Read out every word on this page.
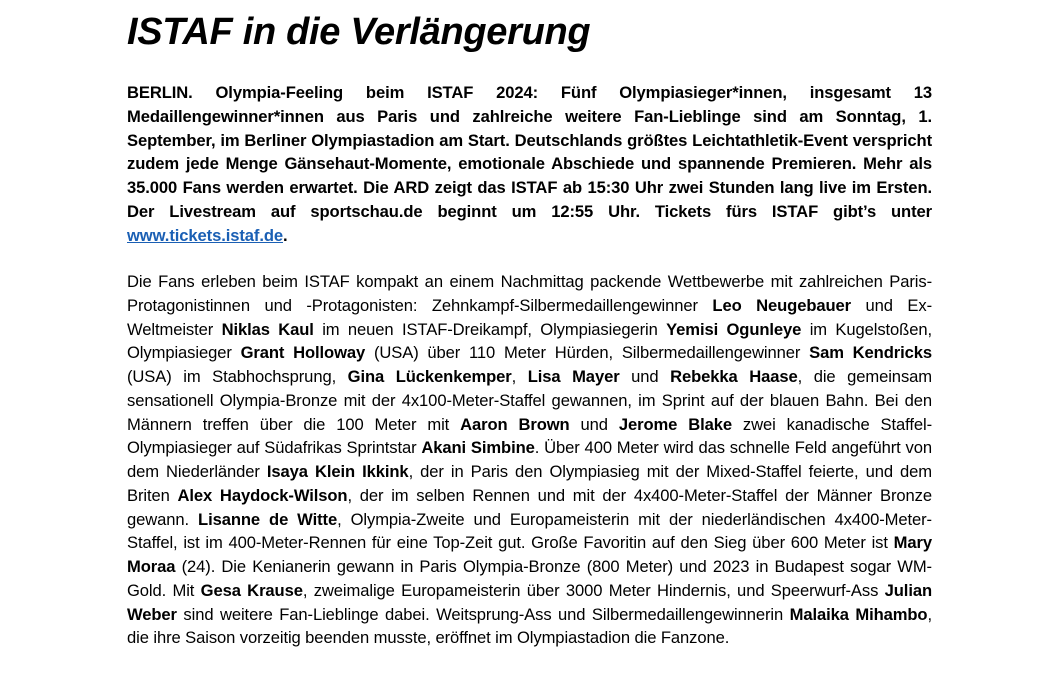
ISTAF in die Verlängerung

BERLIN. Olympia-Feeling beim ISTAF 2024: Fünf Olympiasieger*innen, insgesamt 13 Medaillengewinner*innen aus Paris und zahlreiche weitere Fan-Lieblinge sind am Sonntag, 1. September, im Berliner Olympiastadion am Start. Deutschlands größtes Leichtathletik-Event verspricht zudem jede Menge Gänsehaut-Momente, emotionale Abschiede und spannende Premieren. Mehr als 35.000 Fans werden erwartet. Die ARD zeigt das ISTAF ab 15:30 Uhr zwei Stunden lang live im Ersten. Der Livestream auf sportschau.de beginnt um 12:55 Uhr. Tickets fürs ISTAF gibt’s unter www.tickets.istaf.de.

Die Fans erleben beim ISTAF kompakt an einem Nachmittag packende Wettbewerbe mit zahlreichen Paris-Protagonistinnen und -Protagonisten: Zehnkampf-Silbermedaillengewinner Leo Neugebauer und Ex-Weltmeister Niklas Kaul im neuen ISTAF-Dreikampf, Olympiasiegerin Yemisi Ogunleye im Kugelstoßen, Olympiasieger Grant Holloway (USA) über 110 Meter Hürden, Silbermedaillengewinner Sam Kendricks (USA) im Stabhochsprung, Gina Lückenkemper, Lisa Mayer und Rebekka Haase, die gemeinsam sensationell Olympia-Bronze mit der 4x100-Meter-Staffel gewannen, im Sprint auf der blauen Bahn. Bei den Männern treffen über die 100 Meter mit Aaron Brown und Jerome Blake zwei kanadische Staffel-Olympiasieger auf Südafrikas Sprintstar Akani Simbine. Über 400 Meter wird das schnelle Feld angeführt von dem Niederländer Isaya Klein Ikkink, der in Paris den Olympiasieg mit der Mixed-Staffel feierte, und dem Briten Alex Haydock-Wilson, der im selben Rennen und mit der 4x400-Meter-Staffel der Männer Bronze gewann. Lisanne de Witte, Olympia-Zweite und Europameisterin mit der niederländischen 4x400-Meter-Staffel, ist im 400-Meter-Rennen für eine Top-Zeit gut. Große Favoritin auf den Sieg über 600 Meter ist Mary Moraa (24). Die Kenianerin gewann in Paris Olympia-Bronze (800 Meter) und 2023 in Budapest sogar WM-Gold. Mit Gesa Krause, zweimalige Europameisterin über 3000 Meter Hindernis, und Speerwurf-Ass Julian Weber sind weitere Fan-Lieblinge dabei. Weitsprung-Ass und Silbermedaillengewinnerin Malaika Mihambo, die ihre Saison vorzeitig beenden musste, eröffnet im Olympiastadion die Fanzone.
